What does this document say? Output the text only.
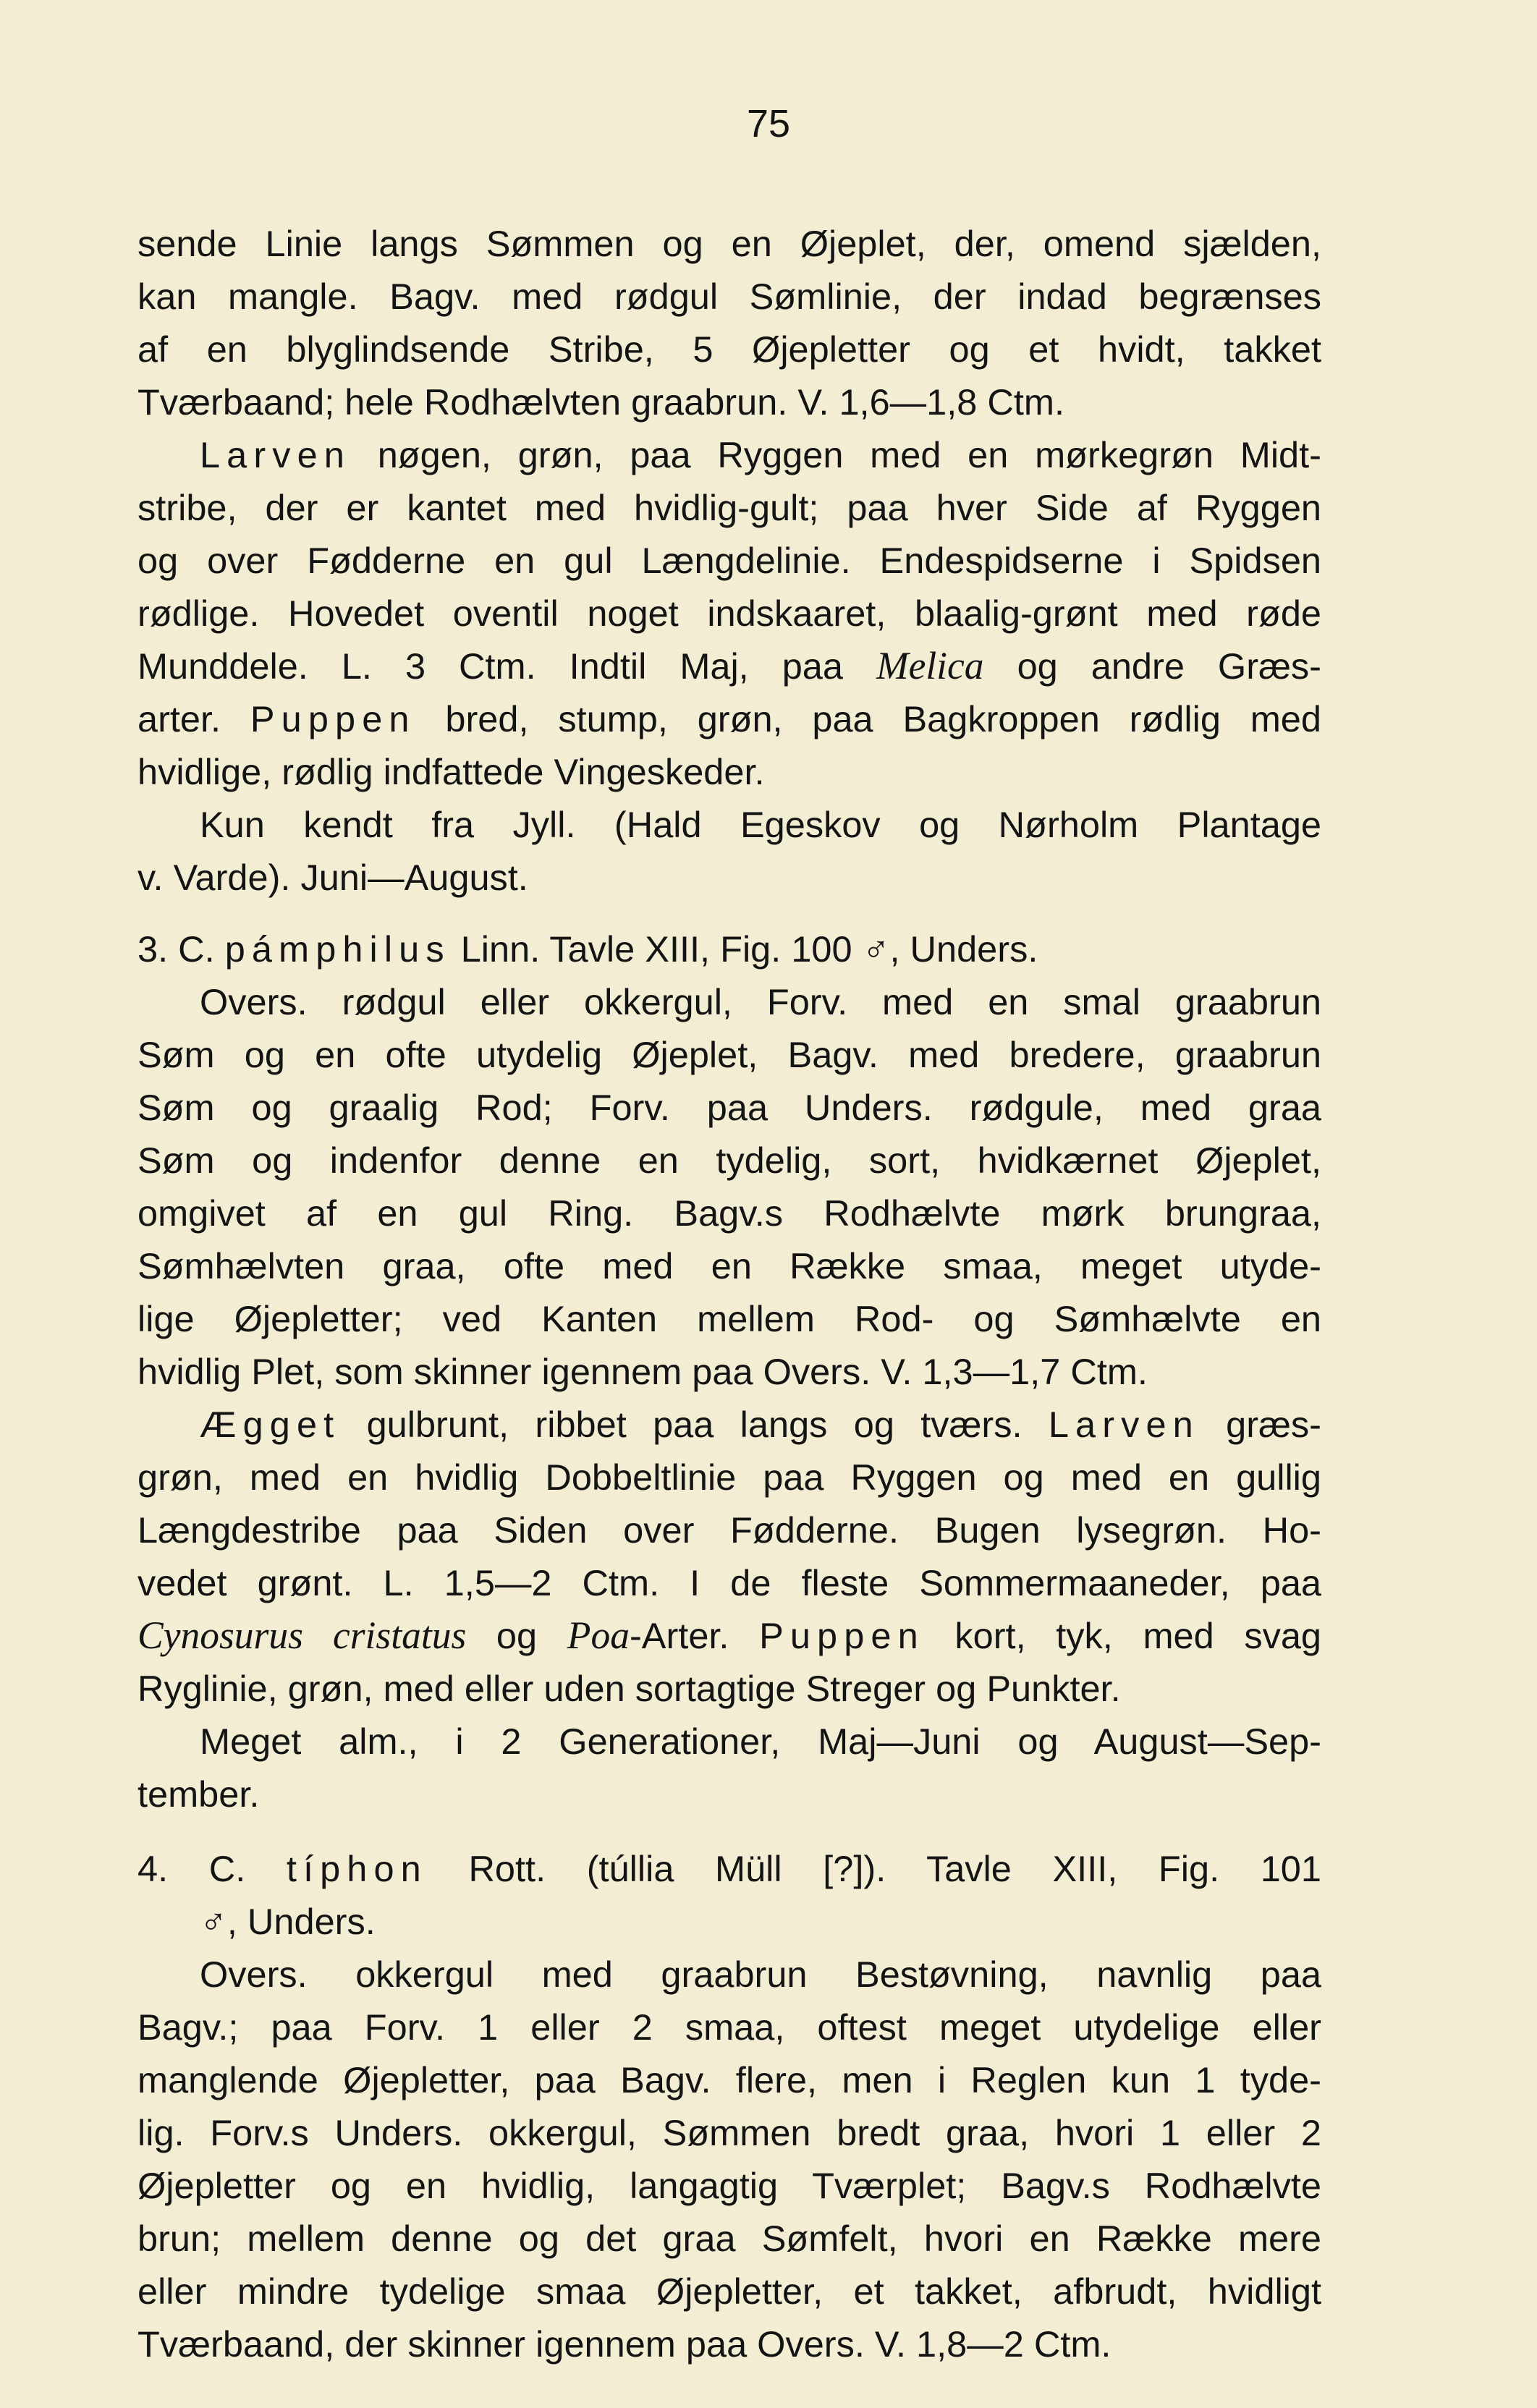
75
sende Linie langs Sømmen og en Øjeplet, der, omend sjælden,
kan mangle. Bagv. med rødgul Sømlinie, der indad begrænses
af en blyglindsende Stribe, 5 Øjepletter og et hvidt, takket
Tværbaand; hele Rodhælvten graabrun. V. 1,6—1,8 Ctm.
Larven nøgen, grøn, paa Ryggen med en mørkegrøn Midt-
stribe, der er kantet med hvidlig-gult; paa hver Side af Ryggen
og over Fødderne en gul Længdelinie. Endespidserne i Spidsen
rødlige. Hovedet oventil noget indskaaret, blaalig-grønt med røde
Munddele. L. 3 Ctm. Indtil Maj, paa Melica og andre Græs-
arter. Puppen bred, stump, grøn, paa Bagkroppen rødlig med
hvidlige, rødlig indfattede Vingeskeder.
Kun kendt fra Jyll. (Hald Egeskov og Nørholm Plantage
v. Varde). Juni—August.
3. C. pámphilus Linn. Tavle XIII, Fig. 100 ♂, Unders.
Overs. rødgul eller okkergul, Forv. med en smal graabrun
Søm og en ofte utydelig Øjeplet, Bagv. med bredere, graabrun
Søm og graalig Rod; Forv. paa Unders. rødgule, med graa
Søm og indenfor denne en tydelig, sort, hvidkærnet Øjeplet,
omgivet af en gul Ring. Bagv.s Rodhælvte mørk brungraa,
Sømhælvten graa, ofte med en Række smaa, meget utyde-
lige Øjepletter; ved Kanten mellem Rod- og Sømhælvte en
hvidlig Plet, som skinner igennem paa Overs. V. 1,3—1,7 Ctm.
Ægget gulbrunt, ribbet paa langs og tværs. Larven græs-
grøn, med en hvidlig Dobbeltlinie paa Ryggen og med en gullig
Længdestribe paa Siden over Fødderne. Bugen lysegrøn. Ho-
vedet grønt. L. 1,5—2 Ctm. I de fleste Sommermaaneder, paa
Cynosurus cristatus og Poa-Arter. Puppen kort, tyk, med svag
Ryglinie, grøn, med eller uden sortagtige Streger og Punkter.
Meget alm., i 2 Generationer, Maj—Juni og August—Sep-
tember.
4. C. típhon Rott. (túllia Müll [?]). Tavle XIII, Fig. 101
♂, Unders.
Overs. okkergul med graabrun Bestøvning, navnlig paa
Bagv.; paa Forv. 1 eller 2 smaa, oftest meget utydelige eller
manglende Øjepletter, paa Bagv. flere, men i Reglen kun 1 tyde-
lig. Forv.s Unders. okkergul, Sømmen bredt graa, hvori 1 eller 2
Øjepletter og en hvidlig, langagtig Tværplet; Bagv.s Rodhælvte
brun; mellem denne og det graa Sømfelt, hvori en Række mere
eller mindre tydelige smaa Øjepletter, et takket, afbrudt, hvidligt
Tværbaand, der skinner igennem paa Overs. V. 1,8—2 Ctm.
